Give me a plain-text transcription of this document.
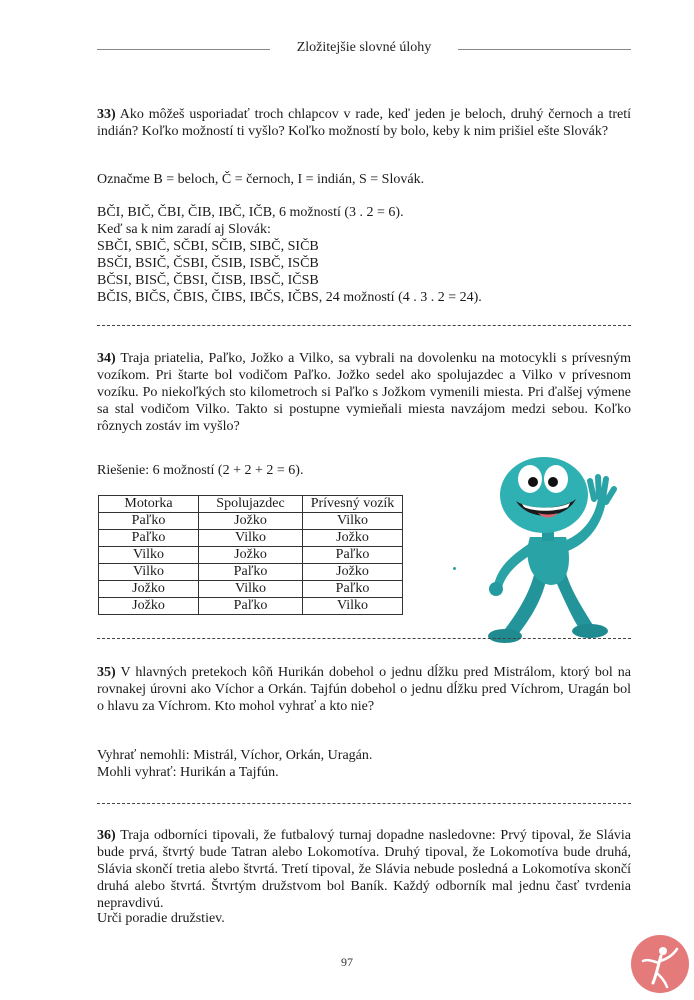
Zložitejšie slovné úlohy

33) Ako môžeš usporiadať troch chlapcov v rade, keď jeden je beloch, druhý černoch a tretí indián? Koľko možností ti vyšlo? Koľko možností by bolo, keby k nim prišiel ešte Slovák?

Označme B = beloch, Č = černoch, I = indián, S = Slovák.

BČI, BIČ, ČBI, ČIB, IBČ, IČB, 6 možností (3 . 2 = 6).
Keď sa k nim zaradí aj Slovák:
SBČI, SBIČ, SČBI, SČIB, SIBČ, SIČB
BSČI, BSIČ, ČSBI, ČSIB, ISBČ, ISČB
BČSI, BISČ, ČBSI, ČISB, IBSČ, IČSB
BČIS, BIČS, ČBIS, ČIBS, IBČS, IČBS, 24 možností (4 . 3 . 2 = 24).

34) Traja priatelia, Paľko, Jožko a Vilko, sa vybrali na dovolenku na motocykli s prívesným vozíkom. Pri štarte bol vodičom Paľko. Jožko sedel ako spolujazdec a Vilko v prívesnom vozíku. Po niekoľkých sto kilometroch si Paľko s Jožkom vymenili miesta. Pri ďalšej výmene sa stal vodičom Vilko. Takto si postupne vymieňali miesta navzájom medzi sebou. Koľko rôznych zostáv im vyšlo?

Riešenie: 6 možností (2 + 2 + 2 = 6).

Motorka	Spolujazdec	Prívesný vozík
Paľko	Jožko	Vilko
Paľko	Vilko	Jožko
Vilko	Jožko	Paľko
Vilko	Paľko	Jožko
Jožko	Vilko	Paľko
Jožko	Paľko	Vilko

35) V hlavných pretekoch kôň Hurikán dobehol o jednu dĺžku pred Mistrálom, ktorý bol na rovnakej úrovni ako Víchor a Orkán. Tajfún dobehol o jednu dĺžku pred Víchrom, Uragán bol o hlavu za Víchrom. Kto mohol vyhrať a kto nie?

Vyhrať nemohli: Mistrál, Víchor, Orkán, Uragán.

Mohli vyhrať: Hurikán a Tajfún.

36) Traja odborníci tipovali, že futbalový turnaj dopadne nasledovne: Prvý tipoval, že Slávia bude prvá, štvrtý bude Tatran alebo Lokomotíva. Druhý tipoval, že Lokomotíva bude druhá, Slávia skončí tretia alebo štvrtá. Tretí tipoval, že Slávia nebude posledná a Lokomotíva skončí druhá alebo štvrtá. Štvrtým družstvom bol Baník. Každý odborník mal jednu časť tvrdenia nepravdivú.

Urči poradie družstiev.

97
